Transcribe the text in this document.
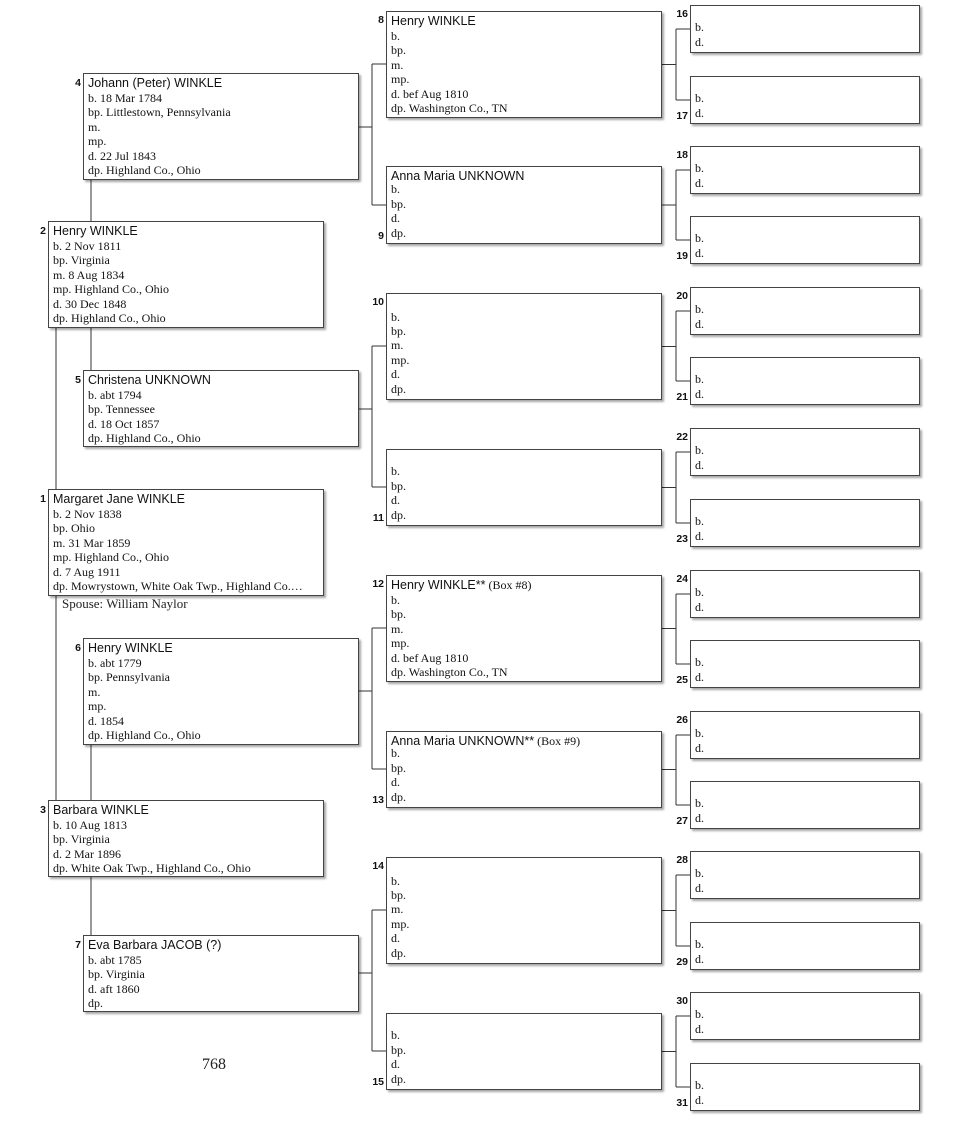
Spouse: William Naylor
768
Margaret Jane WINKLE
b. 2 Nov 1838
bp. Ohio
m. 31 Mar 1859
mp. Highland Co., Ohio
d. 7 Aug 1911
dp. Mowrystown, White Oak Twp., Highland Co.…
1
Henry WINKLE
b. 2 Nov 1811
bp. Virginia
m. 8 Aug 1834
mp. Highland Co., Ohio
d. 30 Dec 1848
dp. Highland Co., Ohio
2
Barbara WINKLE
b. 10 Aug 1813
bp. Virginia
d. 2 Mar 1896
dp. White Oak Twp., Highland Co., Ohio
3
Johann (Peter) WINKLE
b. 18 Mar 1784
bp. Littlestown, Pennsylvania
m.
mp.
d. 22 Jul 1843
dp. Highland Co., Ohio
4
Christena UNKNOWN
b. abt 1794
bp. Tennessee
d. 18 Oct 1857
dp. Highland Co., Ohio
5
Henry WINKLE
b. abt 1779
bp. Pennsylvania
m.
mp.
d. 1854
dp. Highland Co., Ohio
6
Eva Barbara JACOB (?)
b. abt 1785
bp. Virginia
d. aft 1860
dp.
7
Henry WINKLE
b.
bp.
m.
mp.
d. bef Aug 1810
dp. Washington Co., TN
8
Anna Maria UNKNOWN
b.
bp.
d.
dp.
9
b.
bp.
m.
mp.
d.
dp.
10
b.
bp.
d.
dp.
11
Henry WINKLE** (Box #8)
b.
bp.
m.
mp.
d. bef Aug 1810
dp. Washington Co., TN
12
Anna Maria UNKNOWN** (Box #9)
b.
bp.
d.
dp.
13
b.
bp.
m.
mp.
d.
dp.
14
b.
bp.
d.
dp.
15
b.
d.
16
b.
d.
17
b.
d.
18
b.
d.
19
b.
d.
20
b.
d.
21
b.
d.
22
b.
d.
23
b.
d.
24
b.
d.
25
b.
d.
26
b.
d.
27
b.
d.
28
b.
d.
29
b.
d.
30
b.
d.
31
